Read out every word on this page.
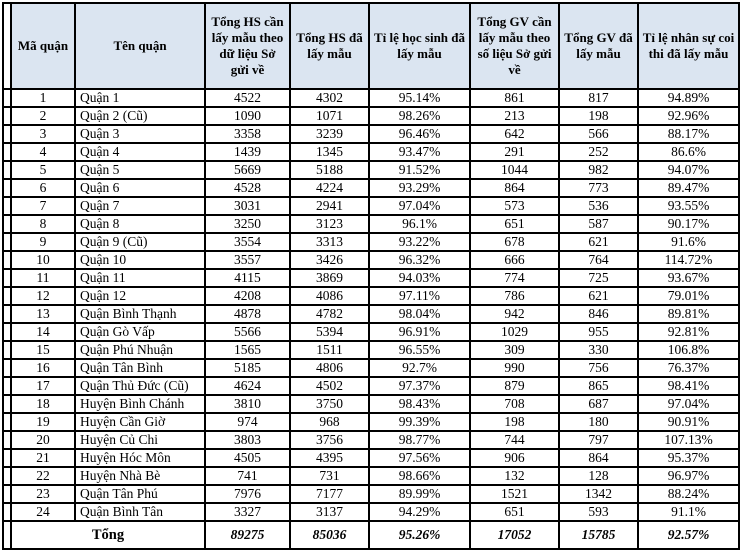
	Mã quận	Tên quận	Tổng HS cần lấy mẫu theo dữ liệu Sở gửi về	Tổng HS đã lấy mẫu	Tỉ lệ học sinh đã lấy mẫu	Tổng GV cần lấy mẫu theo số liệu Sở gửi về	Tổng GV đã lấy mẫu	Tỉ lệ nhân sự coi thi đã lấy mẫu
	1	Quận 1	4522	4302	95.14%	861	817	94.89%
	2	Quận 2 (Cũ)	1090	1071	98.26%	213	198	92.96%
	3	Quận 3	3358	3239	96.46%	642	566	88.17%
	4	Quận 4	1439	1345	93.47%	291	252	86.6%
	5	Quận 5	5669	5188	91.52%	1044	982	94.07%
	6	Quận 6	4528	4224	93.29%	864	773	89.47%
	7	Quận 7	3031	2941	97.04%	573	536	93.55%
	8	Quận 8	3250	3123	96.1%	651	587	90.17%
	9	Quận 9 (Cũ)	3554	3313	93.22%	678	621	91.6%
	10	Quận 10	3557	3426	96.32%	666	764	114.72%
	11	Quận 11	4115	3869	94.03%	774	725	93.67%
	12	Quận 12	4208	4086	97.11%	786	621	79.01%
	13	Quận Bình Thạnh	4878	4782	98.04%	942	846	89.81%
	14	Quận Gò Vấp	5566	5394	96.91%	1029	955	92.81%
	15	Quận Phú Nhuận	1565	1511	96.55%	309	330	106.8%
	16	Quận Tân Bình	5185	4806	92.7%	990	756	76.37%
	17	Quận Thủ Đức (Cũ)	4624	4502	97.37%	879	865	98.41%
	18	Huyện Bình Chánh	3810	3750	98.43%	708	687	97.04%
	19	Huyện Cần Giờ	974	968	99.39%	198	180	90.91%
	20	Huyện Củ Chi	3803	3756	98.77%	744	797	107.13%
	21	Huyện Hóc Môn	4505	4395	97.56%	906	864	95.37%
	22	Huyện Nhà Bè	741	731	98.66%	132	128	96.97%
	23	Quận Tân Phú	7976	7177	89.99%	1521	1342	88.24%
	24	Quận Bình Tân	3327	3137	94.29%	651	593	91.1%
	Tổng		89275	85036	95.26%	17052	15785	92.57%
